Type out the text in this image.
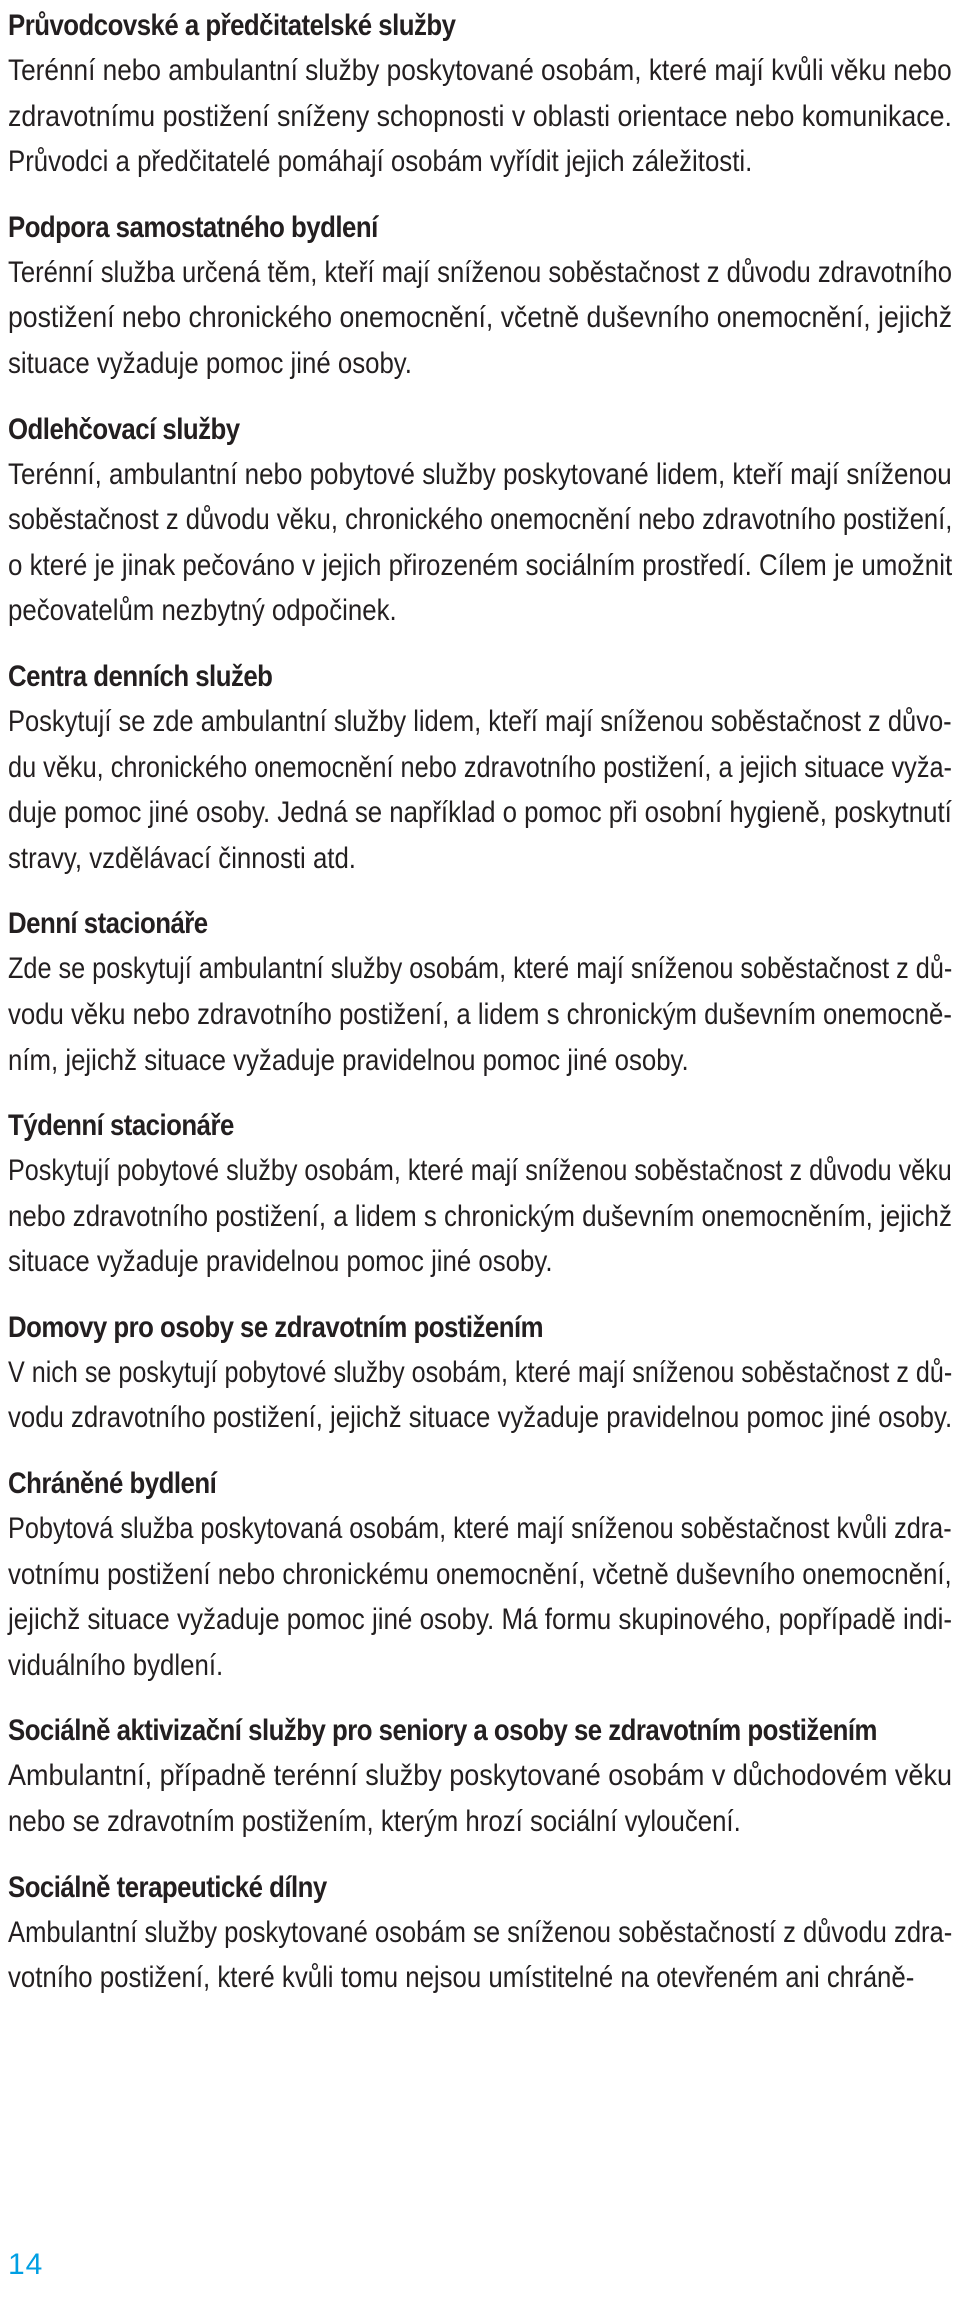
Průvodcovské a předčitatelské služby
Terénní nebo ambulantní služby poskytované osobám, které mají kvůli věku nebo
zdravotnímu postižení sníženy schopnosti v oblasti orientace nebo komunikace.
Průvodci a předčitatelé pomáhají osobám vyřídit jejich záležitosti.
Podpora samostatného bydlení
Terénní služba určená těm, kteří mají sníženou soběstačnost z důvodu zdravotního
postižení nebo chronického onemocnění, včetně duševního onemocnění, jejichž
situace vyžaduje pomoc jiné osoby.
Odlehčovací služby
Terénní, ambulantní nebo pobytové služby poskytované lidem, kteří mají sníženou
soběstačnost z důvodu věku, chronického onemocnění nebo zdravotního postižení,
o které je jinak pečováno v jejich přirozeném sociálním prostředí. Cílem je umožnit
pečovatelům nezbytný odpočinek.
Centra denních služeb
Poskytují se zde ambulantní služby lidem, kteří mají sníženou soběstačnost z důvo-
du věku, chronického onemocnění nebo zdravotního postižení, a jejich situace vyža-
duje pomoc jiné osoby. Jedná se například o pomoc při osobní hygieně, poskytnutí
stravy, vzdělávací činnosti atd.
Denní stacionáře
Zde se poskytují ambulantní služby osobám, které mají sníženou soběstačnost z dů-
vodu věku nebo zdravotního postižení, a lidem s chronickým duševním onemocně-
ním, jejichž situace vyžaduje pravidelnou pomoc jiné osoby.
Týdenní stacionáře
Poskytují pobytové služby osobám, které mají sníženou soběstačnost z důvodu věku
nebo zdravotního postižení, a lidem s chronickým duševním onemocněním, jejichž
situace vyžaduje pravidelnou pomoc jiné osoby.
Domovy pro osoby se zdravotním postižením
V nich se poskytují pobytové služby osobám, které mají sníženou soběstačnost z dů-
vodu zdravotního postižení, jejichž situace vyžaduje pravidelnou pomoc jiné osoby.
Chráněné bydlení
Pobytová služba poskytovaná osobám, které mají sníženou soběstačnost kvůli zdra-
votnímu postižení nebo chronickému onemocnění, včetně duševního onemocnění,
jejichž situace vyžaduje pomoc jiné osoby. Má formu skupinového, popřípadě indi-
viduálního bydlení.
Sociálně aktivizační služby pro seniory a osoby se zdravotním postižením
Ambulantní, případně terénní služby poskytované osobám v důchodovém věku
nebo se zdravotním postižením, kterým hrozí sociální vyloučení.
Sociálně terapeutické dílny
Ambulantní služby poskytované osobám se sníženou soběstačností z důvodu zdra-
votního postižení, které kvůli tomu nejsou umístitelné na otevřeném ani chráně-
14
